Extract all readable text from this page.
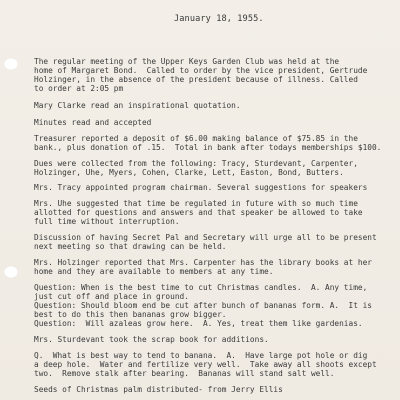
January 18, 1955.
The regular meeting of the Upper Keys Garden Club was held at the
home of Margaret Bond.  Called to order by the vice president, Gertrude
Holzinger, in the absence of the president because of illness. Called
to order at 2:05 pm
Mary Clarke read an inspirational quotation.
Minutes read and accepted
Treasurer reported a deposit of $6.00 making balance of $75.85 in the
bank., plus donation of .15.  Total in bank after todays memberships $100.
Dues were collected from the following: Tracy, Sturdevant, Carpenter,
Holzinger, Uhe, Myers, Cohen, Clarke, Lett, Easton, Bond, Butters.
Mrs. Tracy appointed program chairman. Several suggestions for speakers
Mrs. Uhe suggested that time be regulated in future with so much time
allotted for questions and answers and that speaker be allowed to take
full time without interruption.
Discussion of having Secret Pal and Secretary will urge all to be present
next meeting so that drawing can be held.
Mrs. Holzinger reported that Mrs. Carpenter has the library books at her
home and they are available to members at any time.
Question: When is the best time to cut Christmas candles.  A. Any time,
just cut off and place in ground.
Question: Should bloom end be cut after bunch of bananas form. A.  It is
best to do this then bananas grow bigger.
Question:  Will azaleas grow here.  A. Yes, treat them like gardenias.
Mrs. Sturdevant took the scrap book for additions.
Q.  What is best way to tend to banana.  A.  Have large pot hole or dig
a deep hole.  Water and fertilize very well.  Take away all shoots except
two.  Remove stalk after bearing.  Bananas will stand salt well.
Seeds of Christmas palm distributed- from Jerry Ellis
